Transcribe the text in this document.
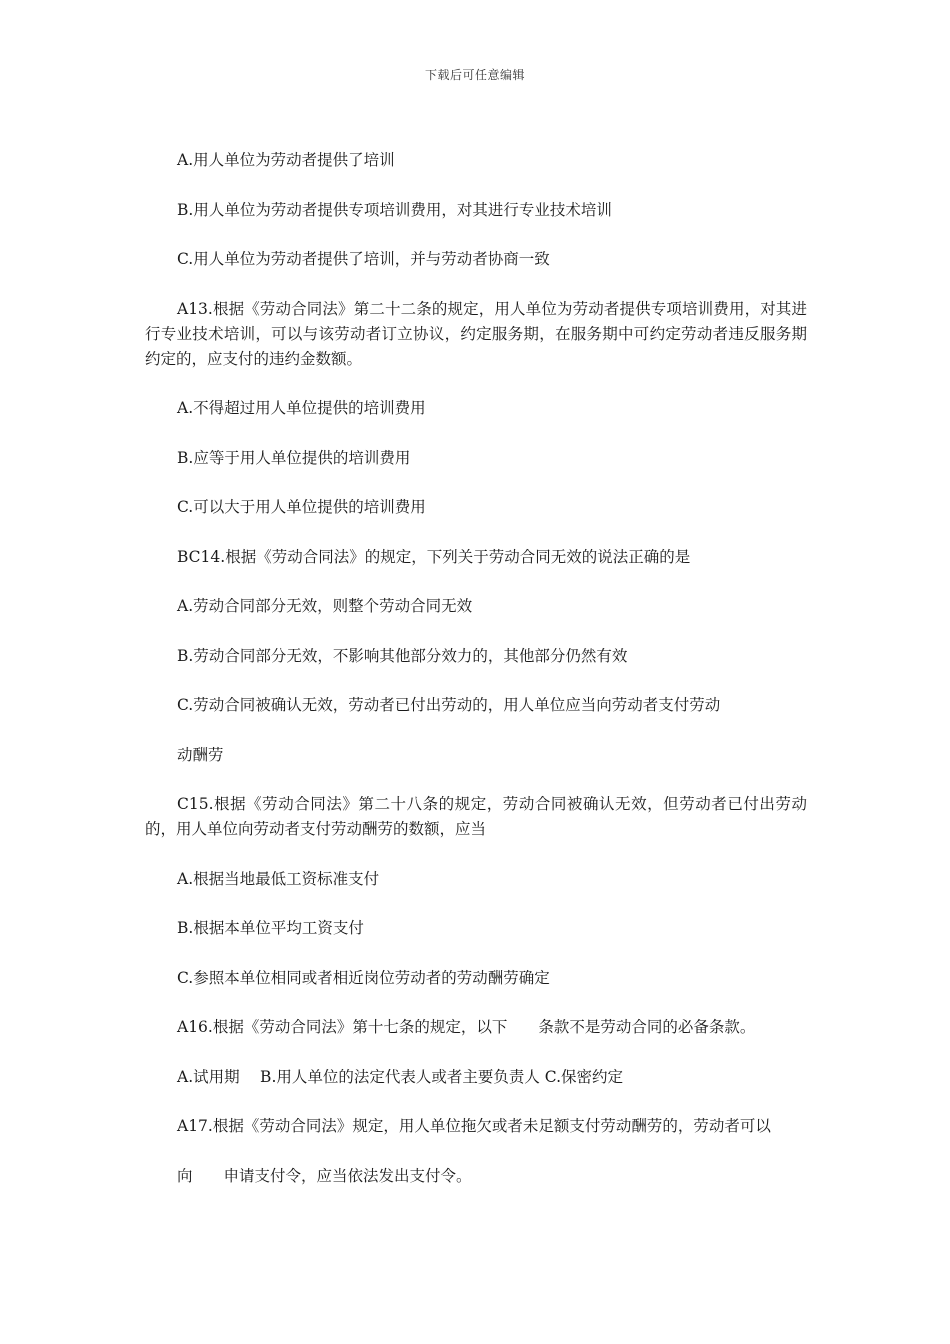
下载后可任意编辑

A.用人单位为劳动者提供了培训

B.用人单位为劳动者提供专项培训费用，对其进行专业技术培训

C.用人单位为劳动者提供了培训，并与劳动者协商一致

A13.根据《劳动合同法》第二十二条的规定，用人单位为劳动者提供专项培训费用，对其进行专业技术培训，可以与该劳动者订立协议，约定服务期，在服务期中可约定劳动者违反服务期约定的，应支付的违约金数额。

A.不得超过用人单位提供的培训费用

B.应等于用人单位提供的培训费用

C.可以大于用人单位提供的培训费用

BC14.根据《劳动合同法》的规定，下列关于劳动合同无效的说法正确的是

A.劳动合同部分无效，则整个劳动合同无效

B.劳动合同部分无效，不影响其他部分效力的，其他部分仍然有效

C.劳动合同被确认无效，劳动者已付出劳动的，用人单位应当向劳动者支付劳动

动酬劳

C15.根据《劳动合同法》第二十八条的规定，劳动合同被确认无效，但劳动者已付出劳动的，用人单位向劳动者支付劳动酬劳的数额，应当

A.根据当地最低工资标准支付

B.根据本单位平均工资支付

C.参照本单位相同或者相近岗位劳动者的劳动酬劳确定

A16.根据《劳动合同法》第十七条的规定，以下　　条款不是劳动合同的必备条款。

A.试用期　 B.用人单位的法定代表人或者主要负责人 C.保密约定

A17.根据《劳动合同法》规定，用人单位拖欠或者未足额支付劳动酬劳的，劳动者可以

向　　申请支付令，应当依法发出支付令。
